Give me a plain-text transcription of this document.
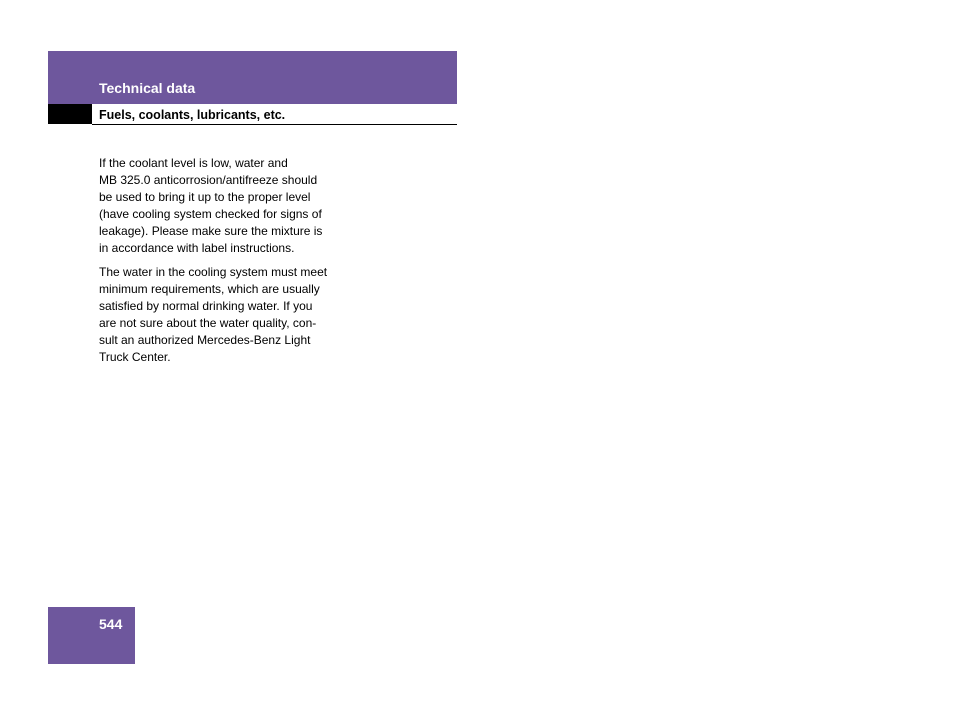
Technical data
Fuels, coolants, lubricants, etc.

If the coolant level is low, water and
MB 325.0 anticorrosion/antifreeze should
be used to bring it up to the proper level
(have cooling system checked for signs of
leakage). Please make sure the mixture is
in accordance with label instructions.

The water in the cooling system must meet
minimum requirements, which are usually
satisfied by normal drinking water. If you
are not sure about the water quality, con-
sult an authorized Mercedes-Benz Light
Truck Center.

544
